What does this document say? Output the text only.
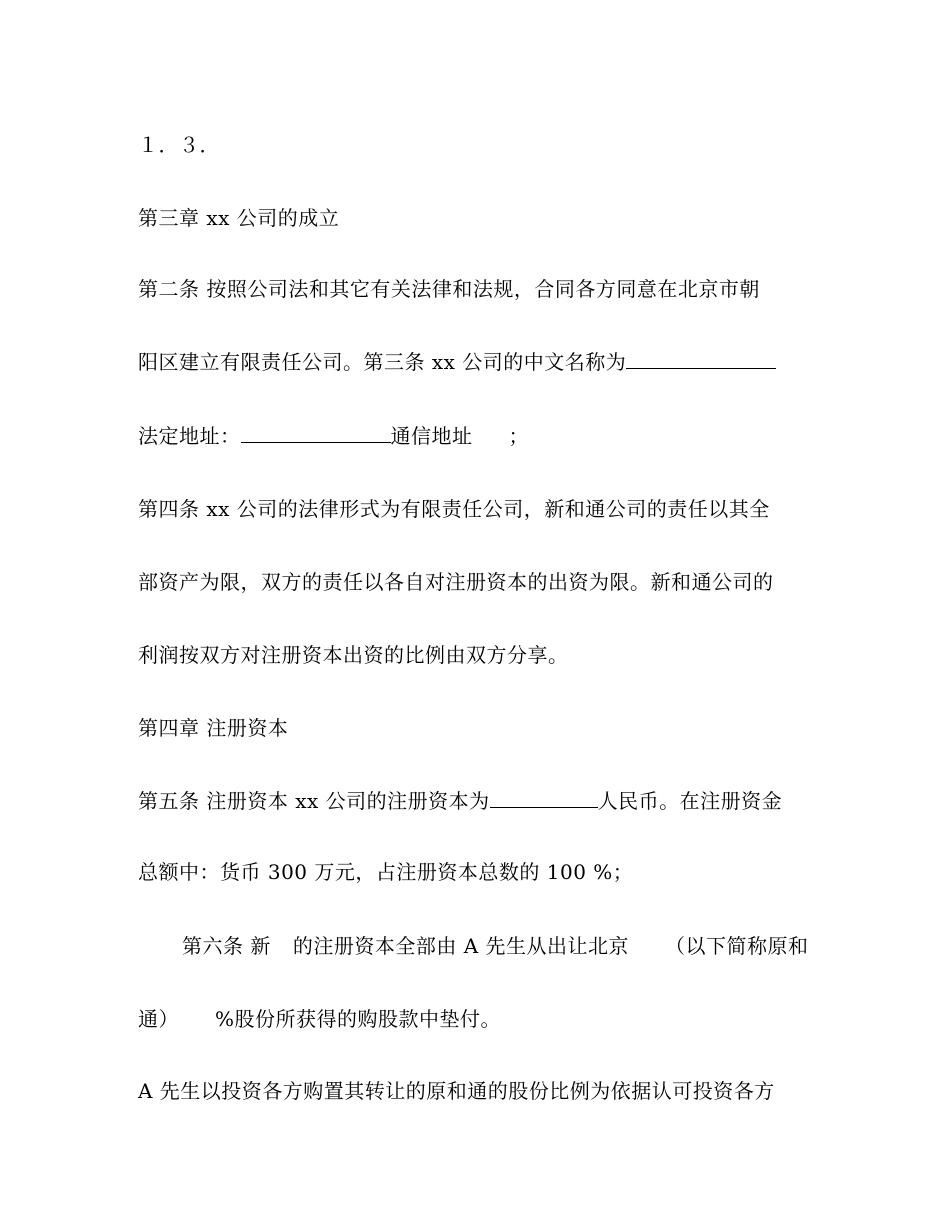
１．３．
第三章 xx 公司的成立
第二条 按照公司法和其它有关法律和法规，合同各方同意在北京市朝
阳区建立有限责任公司。第三条 xx 公司的中文名称为
法定地址：	通信地址 ；
第四条 xx 公司的法律形式为有限责任公司，新和通公司的责任以其全
部资产为限，双方的责任以各自对注册资本的出资为限。新和通公司的
利润按双方对注册资本出资的比例由双方分享。
第四章 注册资本
第五条 注册资本 xx 公司的注册资本为	人民币。在注册资金
总额中：货币 300 万元，占注册资本总数的 100 %；
第六条 新 的注册资本全部由 A 先生从出让北京 （以下简称原和
通） %股份所获得的购股款中垫付。
A 先生以投资各方购置其转让的原和通的股份比例为依据认可投资各方
